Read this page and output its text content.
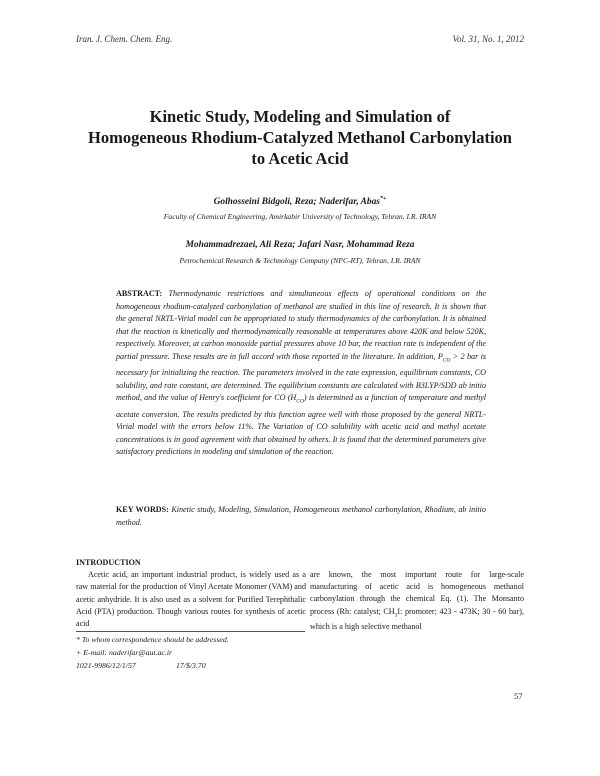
Iran. J. Chem. Chem. Eng.	Vol. 31, No. 1, 2012
Kinetic Study, Modeling and Simulation of
Homogeneous Rhodium-Catalyzed Methanol Carbonylation
to Acetic Acid
Golhosseini Bidgoli, Reza; Naderifar, Abas*+
Faculty of Chemical Engineering, Amirkabir University of Technology, Tehran, I.R. IRAN
Mohammadrezaei, Ali Reza; Jafari Nasr, Mohammad Reza
Petrochemical Research & Technology Company (NPC-RT), Tehran, I.R. IRAN
ABSTRACT: Thermodynamic restrictions and simultaneous effects of operational conditions on the homogeneous rhodium-catalyzed carbonylation of methanol are studied in this line of research. It is shown that the general NRTL-Virial model can be appropriated to study thermodynamics of the carbonylation. It is obtained that the reaction is kinetically and thermodynamically reasonable at temperatures above 420K and below 520K, respectively. Moreover, at carbon monoxide partial pressures above 10 bar, the reaction rate is independent of the partial pressure. These results are in full accord with those reported in the literature. In addition, $P_{CO} > 2$ bar is necessary for initializing the reaction. The parameters involved in the rate expression, equilibrium constants, CO solubility, and rate constant, are determined. The equilibrium constants are calculated with B3LYP/SDD ab initio method, and the value of Henry's coefficient for CO $(H_{CO})$ is determined as a function of temperature and methyl acetate conversion. The results predicted by this function agree well with those proposed by the general NRTL-Virial model with the errors below 11%. The Variation of CO solubility with acetic acid and methyl acetate concentrations is in good agreement with that obtained by others. It is found that the determined parameters give satisfactory predictions in modeling and simulation of the reaction.
KEY WORDS: Kinetic study, Modeling, Simulation, Homogeneous methanol carbonylation, Rhodium, ab initio method.
INTRODUCTION

Acetic acid, an important industrial product, is widely used as a raw material for the production of Vinyl Acetate Monomer (VAM) and acetic anhydride. It is also used as a solvent for Purified Terephthalic Acid (PTA) production. Though various routes for synthesis of acetic acid

are known, the most important route for large-scale manufacturing of acetic acid is homogeneous methanol carbonylation through the chemical Eq. (1). The Monsanto process (Rh: catalyst; $CH_3I$: promoter; 423 - 473K; 30 - 60 bar), which is a high selective methanol

* To whom correspondence should be addressed.
+ E-mail: naderifar@aut.ac.ir
1021-9986/12/1/57	17/$/3.70
57
